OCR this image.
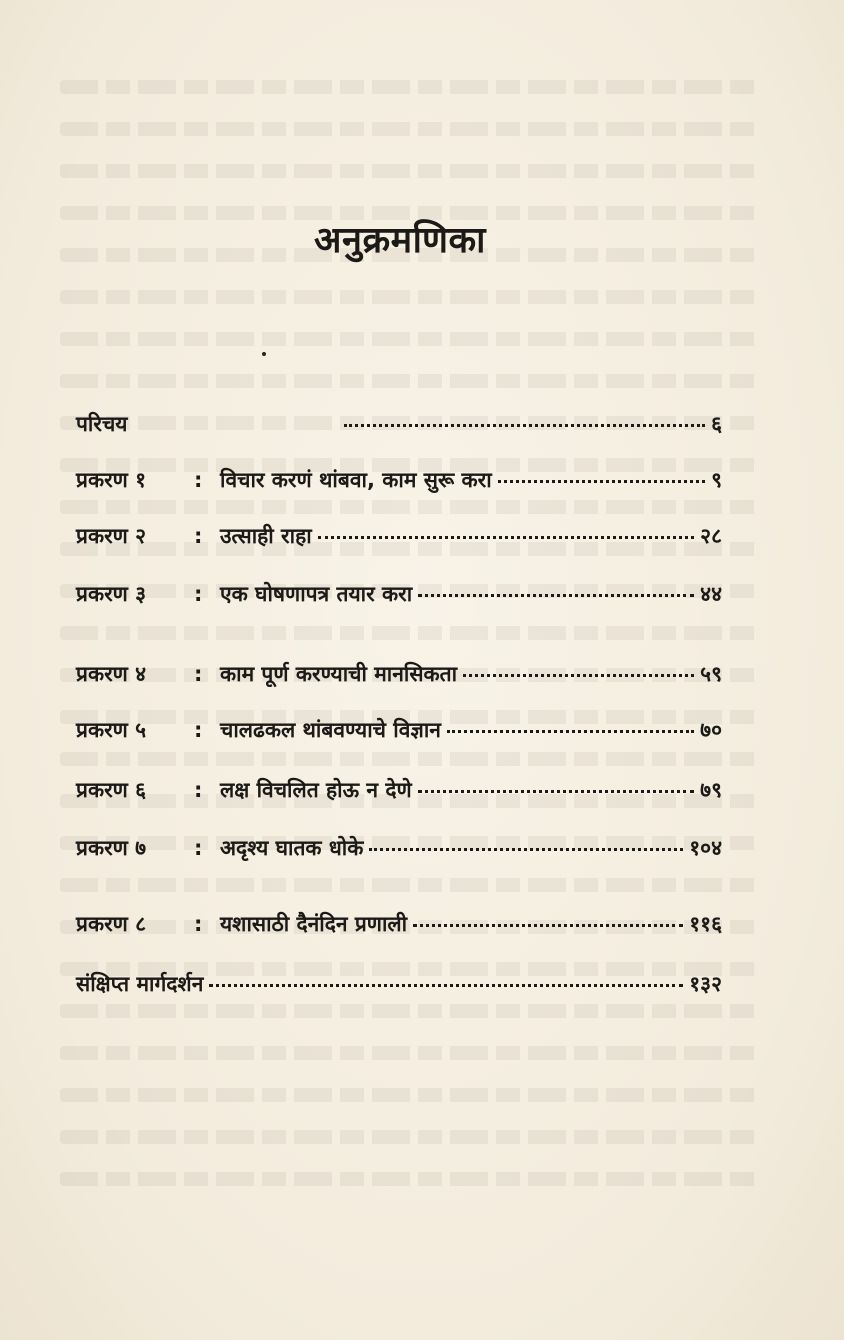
अनुक्रमणिका
परिचय	६
प्रकरण १	: विचार करणं थांबवा, काम सुरू करा	९
प्रकरण २	: उत्साही राहा	२८
प्रकरण ३	: एक घोषणापत्र तयार करा	४४
प्रकरण ४	: काम पूर्ण करण्याची मानसिकता	५९
प्रकरण ५	: चालढकल थांबवण्याचे विज्ञान	७०
प्रकरण ६	: लक्ष विचलित होऊ न देणे	७९
प्रकरण ७	: अदृश्य घातक धोके	१०४
प्रकरण ८	: यशासाठी दैनंदिन प्रणाली	११६
संक्षिप्त मार्गदर्शन	१३२
